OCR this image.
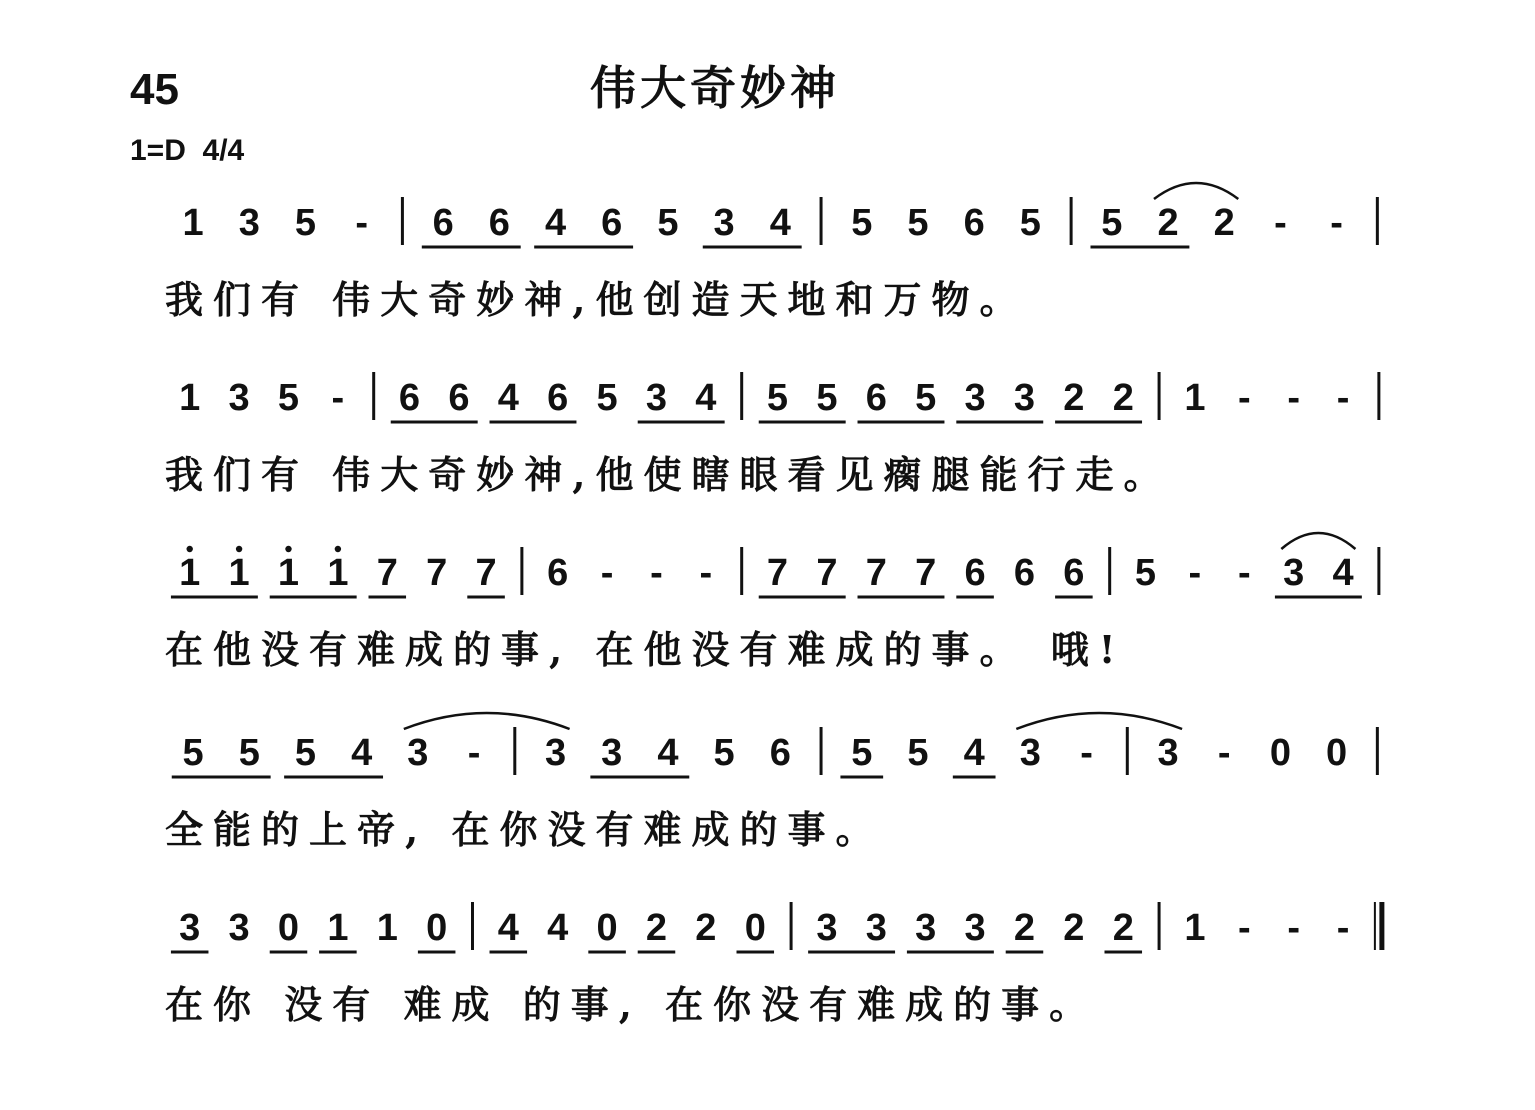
45	伟大奇妙神
1=D  4/4
1 3 5 - 6 6 4 6 5 3 4 5 5 6 5 5 2 2 - -
我们有 伟大奇妙神,他创造天地和万物。
1 3 5 - 6 6 4 6 5 3 4 5 5 6 5 3 3 2 2 1 - - -
我们有 伟大奇妙神,他使瞎眼看见瘸腿能行走。
1 1 1 1 7 7 7 6 - - - 7 7 7 7 6 6 6 5 - - 3 4
在他没有难成的事, 在他没有难成的事。 哦!
5 5 5 4 3 - 3 3 4 5 6 5 5 4 3 - 3 - 0 0
全能的上帝, 在你没有难成的事。
3 3 0 1 1 0 4 4 0 2 2 0 3 3 3 3 2 2 2 1 - - -
在你 没有 难成 的事, 在你没有难成的事。
